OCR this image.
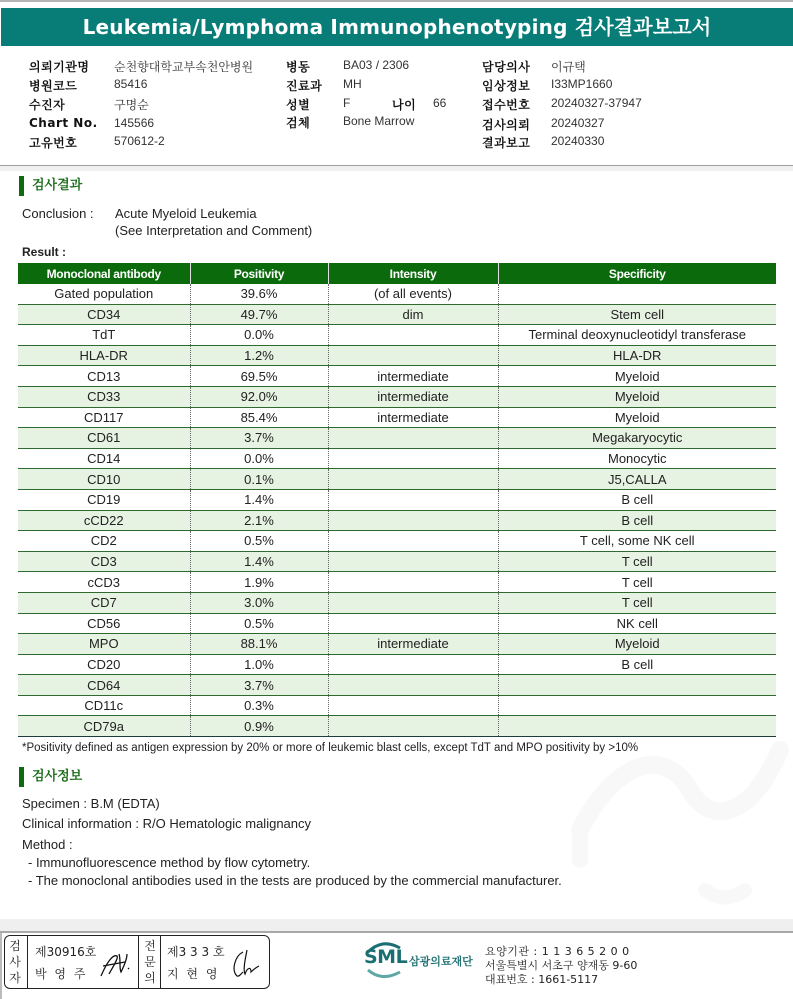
Leukemia/Lymphoma Immunophenotyping 검사결과보고서
의뢰기관명 순천향대학교부속천안병원
병원코드	85416
수진자	구명순
Chart No. 145566
고유번호	570612-2
병동	BA03 / 2306
진료과 MH
성별	F	나이 66
검체	Bone Marrow
담당의사 이규택
임상정보 I33MP1660
접수번호 20240327-37947
검사의뢰 20240327
결과보고 20240330
검사결과
Conclusion : Acute Myeloid Leukemia
(See Interpretation and Comment)
Result :
Monoclonal antibody	Positivity	Intensity	Specificity
Gated population	39.6%	(of all events)	
CD34	49.7%	dim	Stem cell
TdT	0.0%		Terminal deoxynucleotidyl transferase
HLA-DR	1.2%		HLA-DR
CD13	69.5%	intermediate	Myeloid
CD33	92.0%	intermediate	Myeloid
CD117	85.4%	intermediate	Myeloid
CD61	3.7%		Megakaryocytic
CD14	0.0%		Monocytic
CD10	0.1%		J5,CALLA
CD19	1.4%		B cell
cCD22	2.1%		B cell
CD2	0.5%		T cell, some NK cell
CD3	1.4%		T cell
cCD3	1.9%		T cell
CD7	3.0%		T cell
CD56	0.5%		NK cell
MPO	88.1%	intermediate	Myeloid
CD20	1.0%		B cell
CD64	3.7%		
CD11c	0.3%		
CD79a	0.9%		
*Positivity defined as antigen expression by 20% or more of leukemic blast cells, except TdT and MPO positivity by >10%
검사정보
Specimen : B.M (EDTA)
Clinical information : R/O Hematologic malignancy
Method :
- Immunofluorescence method by flow cytometry.
- The monoclonal antibodies used in the tests are produced by the commercial manufacturer.
검
사
자
제30916호
박 영 주
전
문
의
제3 3 3 호
지 현 영
SML 삼광의료재단
요양기관 : 1 1 3 6 5 2 0 0
서울특별시 서초구 양재동 9-60
대표번호 : 1661-5117
